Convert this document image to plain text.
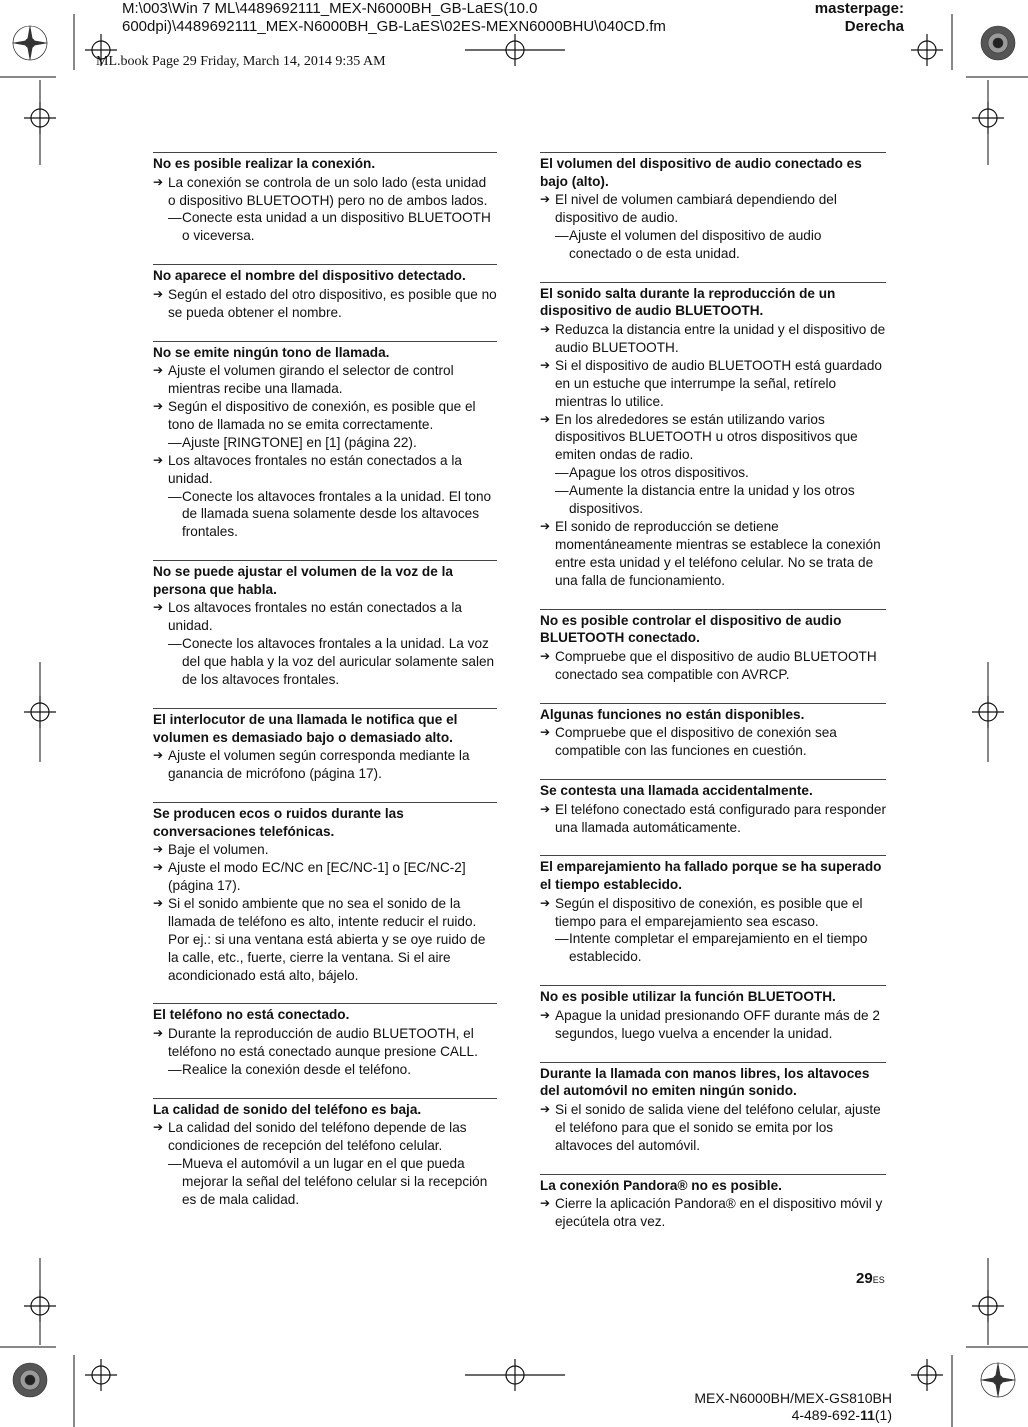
M:\003\Win 7 ML\4489692111_MEX-N6000BH_GB-LaES(10.0 600dpi)\4489692111_MEX-N6000BH_GB-LaES\02ES-MEXN6000BHU\040CD.fm
masterpage: Derecha
ML.book Page 29 Friday, March 14, 2014 9:35 AM
No es posible realizar la conexión.
➔ La conexión se controla de un solo lado (esta unidad o dispositivo BLUETOOTH) pero no de ambos lados.
— Conecte esta unidad a un dispositivo BLUETOOTH o viceversa.
No aparece el nombre del dispositivo detectado.
➔ Según el estado del otro dispositivo, es posible que no se pueda obtener el nombre.
No se emite ningún tono de llamada.
➔ Ajuste el volumen girando el selector de control mientras recibe una llamada.
➔ Según el dispositivo de conexión, es posible que el tono de llamada no se emita correctamente.
— Ajuste [RINGTONE] en [1] (página 22).
➔ Los altavoces frontales no están conectados a la unidad.
— Conecte los altavoces frontales a la unidad. El tono de llamada suena solamente desde los altavoces frontales.
No se puede ajustar el volumen de la voz de la persona que habla.
➔ Los altavoces frontales no están conectados a la unidad.
— Conecte los altavoces frontales a la unidad. La voz del que habla y la voz del auricular solamente salen de los altavoces frontales.
El interlocutor de una llamada le notifica que el volumen es demasiado bajo o demasiado alto.
➔ Ajuste el volumen según corresponda mediante la ganancia de micrófono (página 17).
Se producen ecos o ruidos durante las conversaciones telefónicas.
➔ Baje el volumen.
➔ Ajuste el modo EC/NC en [EC/NC-1] o [EC/NC-2] (página 17).
➔ Si el sonido ambiente que no sea el sonido de la llamada de teléfono es alto, intente reducir el ruido.
Por ej.: si una ventana está abierta y se oye ruido de la calle, etc., fuerte, cierre la ventana. Si el aire acondicionado está alto, bájelo.
El teléfono no está conectado.
➔ Durante la reproducción de audio BLUETOOTH, el teléfono no está conectado aunque presione CALL.
— Realice la conexión desde el teléfono.
La calidad de sonido del teléfono es baja.
➔ La calidad del sonido del teléfono depende de las condiciones de recepción del teléfono celular.
— Mueva el automóvil a un lugar en el que pueda mejorar la señal del teléfono celular si la recepción es de mala calidad.
El volumen del dispositivo de audio conectado es bajo (alto).
➔ El nivel de volumen cambiará dependiendo del dispositivo de audio.
— Ajuste el volumen del dispositivo de audio conectado o de esta unidad.
El sonido salta durante la reproducción de un dispositivo de audio BLUETOOTH.
➔ Reduzca la distancia entre la unidad y el dispositivo de audio BLUETOOTH.
➔ Si el dispositivo de audio BLUETOOTH está guardado en un estuche que interrumpe la señal, retírelo mientras lo utilice.
➔ En los alrededores se están utilizando varios dispositivos BLUETOOTH u otros dispositivos que emiten ondas de radio.
— Apague los otros dispositivos.
— Aumente la distancia entre la unidad y los otros dispositivos.
➔ El sonido de reproducción se detiene momentáneamente mientras se establece la conexión entre esta unidad y el teléfono celular. No se trata de una falla de funcionamiento.
No es posible controlar el dispositivo de audio BLUETOOTH conectado.
➔ Compruebe que el dispositivo de audio BLUETOOTH conectado sea compatible con AVRCP.
Algunas funciones no están disponibles.
➔ Compruebe que el dispositivo de conexión sea compatible con las funciones en cuestión.
Se contesta una llamada accidentalmente.
➔ El teléfono conectado está configurado para responder una llamada automáticamente.
El emparejamiento ha fallado porque se ha superado el tiempo establecido.
➔ Según el dispositivo de conexión, es posible que el tiempo para el emparejamiento sea escaso.
— Intente completar el emparejamiento en el tiempo establecido.
No es posible utilizar la función BLUETOOTH.
➔ Apague la unidad presionando OFF durante más de 2 segundos, luego vuelva a encender la unidad.
Durante la llamada con manos libres, los altavoces del automóvil no emiten ningún sonido.
➔ Si el sonido de salida viene del teléfono celular, ajuste el teléfono para que el sonido se emita por los altavoces del automóvil.
La conexión Pandora® no es posible.
➔ Cierre la aplicación Pandora® en el dispositivo móvil y ejecútela otra vez.
29ES
MEX-N6000BH/MEX-GS810BH
4-489-692-11(1)
